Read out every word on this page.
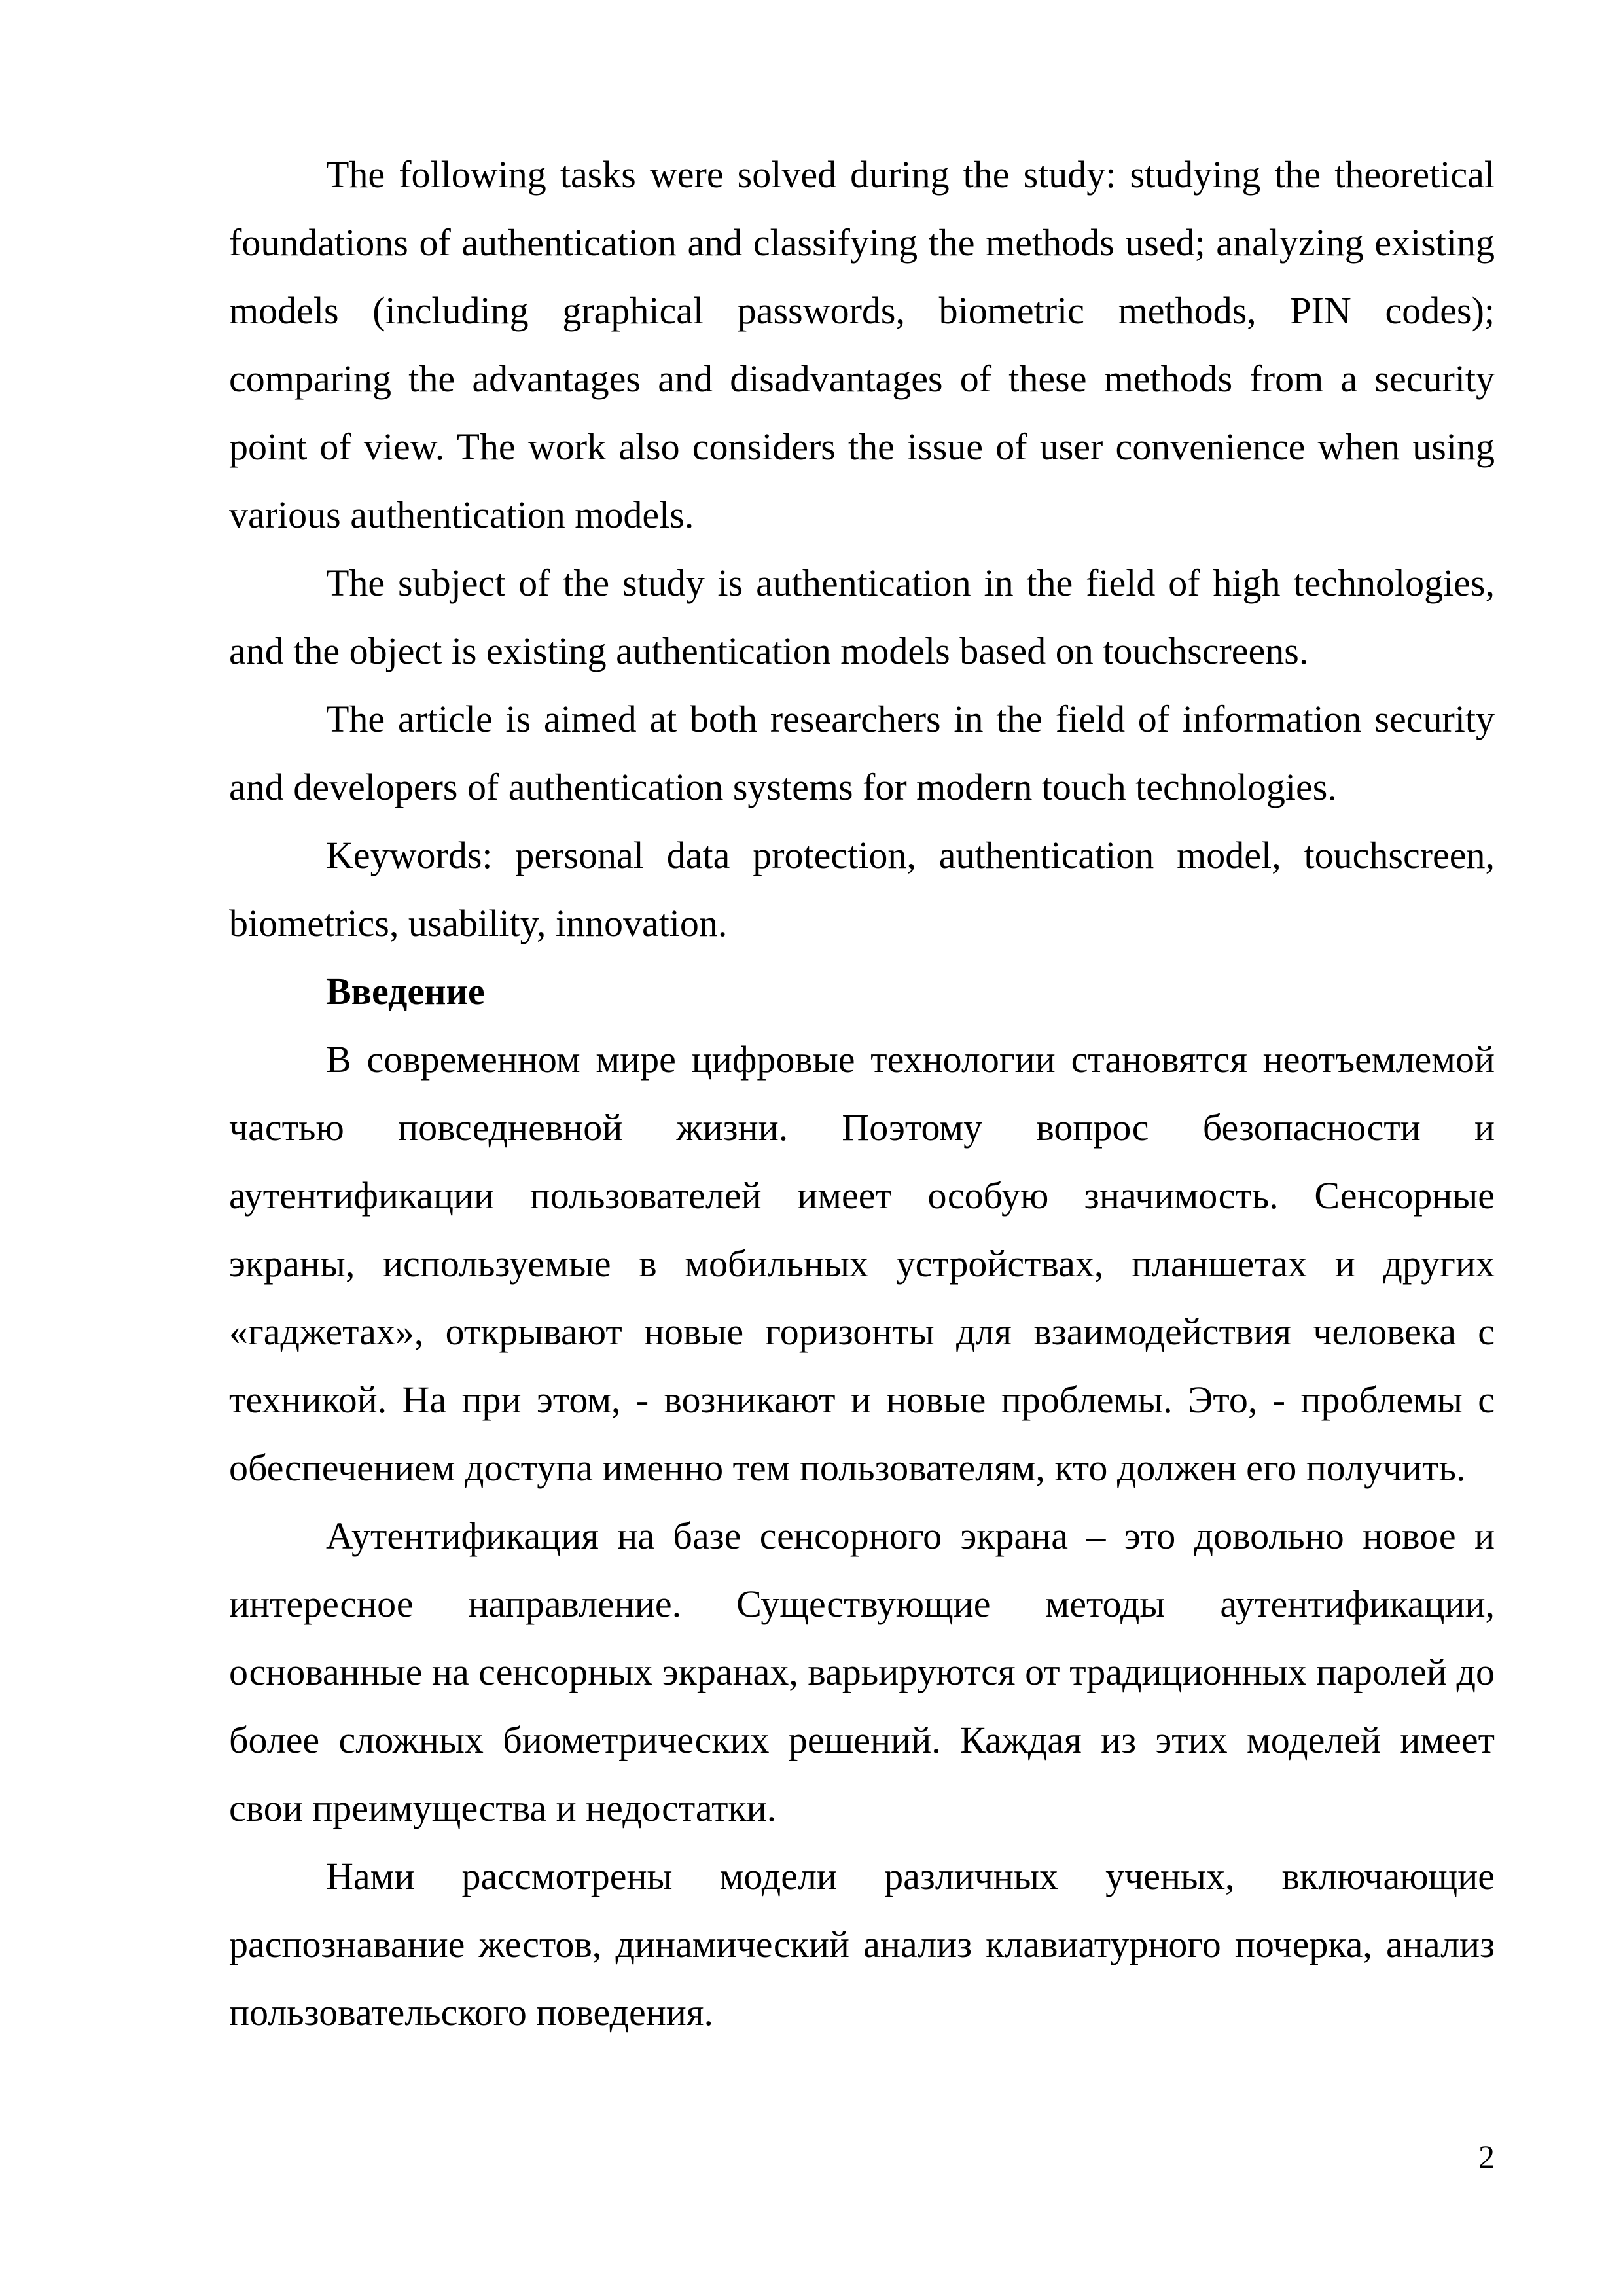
The following tasks were solved during the study: studying the theoretical foundations of authentication and classifying the methods used; analyzing existing models (including graphical passwords, biometric methods, PIN codes); comparing the advantages and disadvantages of these methods from a security point of view. The work also considers the issue of user convenience when using various authentication models.

The subject of the study is authentication in the field of high technologies, and the object is existing authentication models based on touchscreens.

The article is aimed at both researchers in the field of information security and developers of authentication systems for modern touch technologies.

Keywords: personal data protection, authentication model, touchscreen, biometrics, usability, innovation.

Введение

В современном мире цифровые технологии становятся неотъемлемой частью повседневной жизни. Поэтому вопрос безопасности и аутентификации пользователей имеет особую значимость. Сенсорные экраны, используемые в мобильных устройствах, планшетах и других «гаджетах», открывают новые горизонты для взаимодействия человека с техникой. На при этом, - возникают и новые проблемы. Это, - проблемы с обеспечением доступа именно тем пользователям, кто должен его получить.

Аутентификация на базе сенсорного экрана – это довольно новое и интересное направление. Существующие методы аутентификации, основанные на сенсорных экранах, варьируются от традиционных паролей до более сложных биометрических решений. Каждая из этих моделей имеет свои преимущества и недостатки.

Нами рассмотрены модели различных ученых, включающие распознавание жестов, динамический анализ клавиатурного почерка, анализ пользовательского поведения.

2
